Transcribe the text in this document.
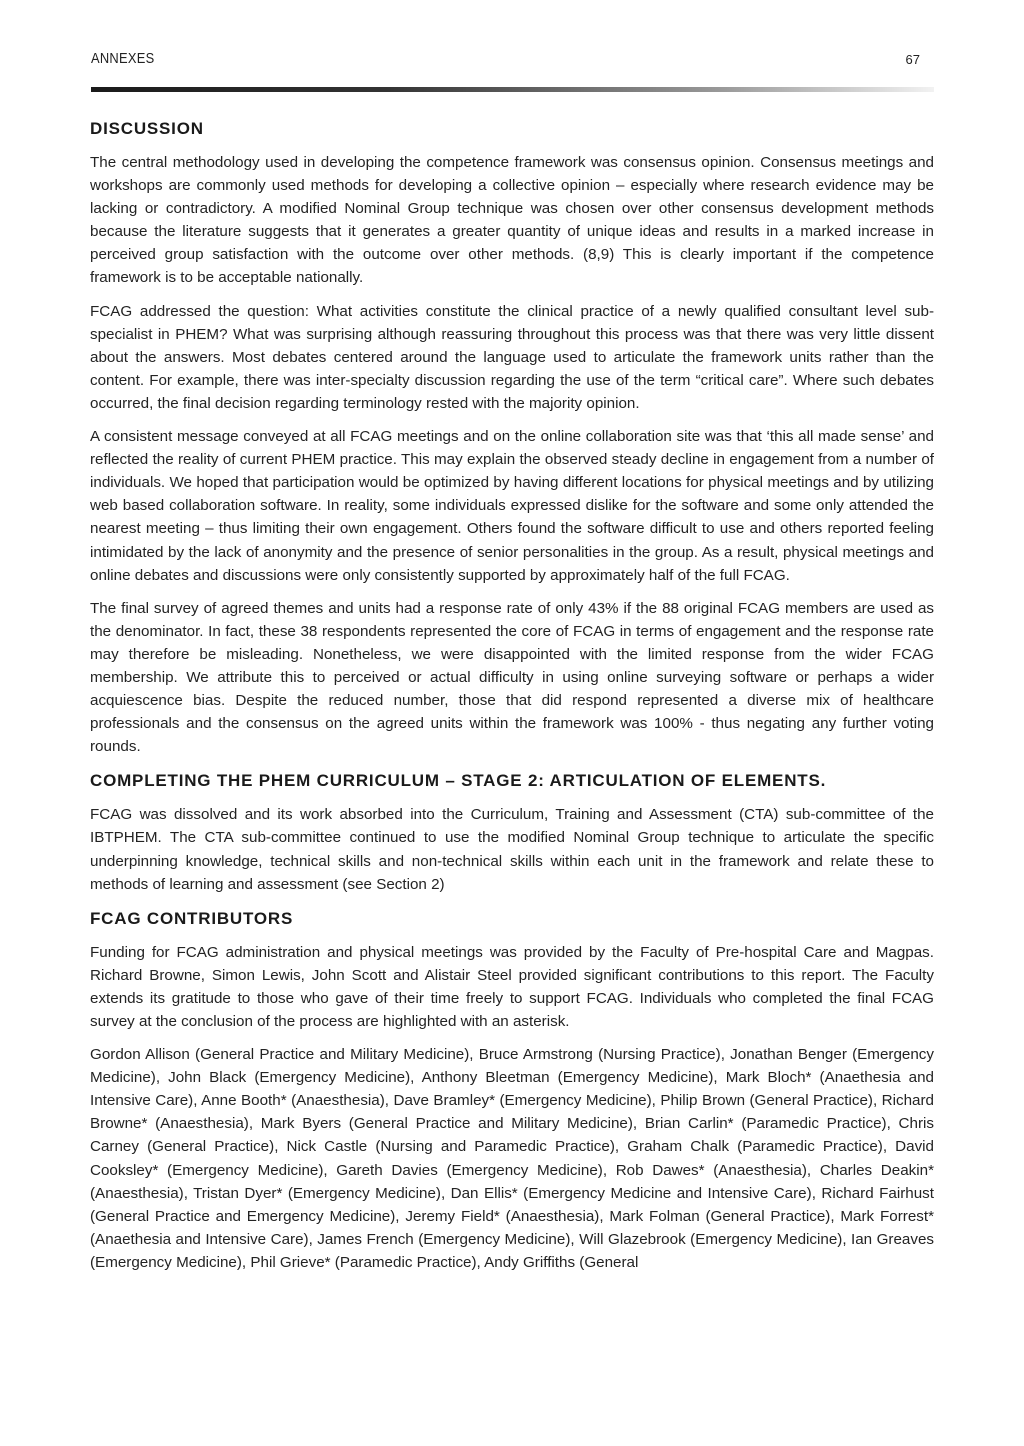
ANNEXES	67
DISCUSSION

The central methodology used in developing the competence framework was consensus opinion. Consensus meetings and workshops are commonly used methods for developing a collective opinion – especially where research evidence may be lacking or contradictory. A modified Nominal Group technique was chosen over other consensus development methods because the literature suggests that it generates a greater quantity of unique ideas and results in a marked increase in perceived group satisfaction with the outcome over other methods. (8,9) This is clearly important if the competence framework is to be acceptable nationally.

FCAG addressed the question: What activities constitute the clinical practice of a newly qualified consultant level sub-specialist in PHEM? What was surprising although reassuring throughout this process was that there was very little dissent about the answers. Most debates centered around the language used to articulate the framework units rather than the content. For example, there was inter-specialty discussion regarding the use of the term “critical care”. Where such debates occurred, the final decision regarding terminology rested with the majority opinion.

A consistent message conveyed at all FCAG meetings and on the online collaboration site was that ‘this all made sense’ and reflected the reality of current PHEM practice. This may explain the observed steady decline in engagement from a number of individuals. We hoped that participation would be optimized by having different locations for physical meetings and by utilizing web based collaboration software. In reality, some individuals expressed dislike for the software and some only attended the nearest meeting – thus limiting their own engagement. Others found the software difficult to use and others reported feeling intimidated by the lack of anonymity and the presence of senior personalities in the group. As a result, physical meetings and online debates and discussions were only consistently supported by approximately half of the full FCAG.

The final survey of agreed themes and units had a response rate of only 43% if the 88 original FCAG members are used as the denominator. In fact, these 38 respondents represented the core of FCAG in terms of engagement and the response rate may therefore be misleading. Nonetheless, we were disappointed with the limited response from the wider FCAG membership. We attribute this to perceived or actual difficulty in using online surveying software or perhaps a wider acquiescence bias. Despite the reduced number, those that did respond represented a diverse mix of healthcare professionals and the consensus on the agreed units within the framework was 100% - thus negating any further voting rounds.

COMPLETING THE PHEM CURRICULUM – STAGE 2: ARTICULATION OF ELEMENTS.

FCAG was dissolved and its work absorbed into the Curriculum, Training and Assessment (CTA) sub-committee of the IBTPHEM. The CTA sub-committee continued to use the modified Nominal Group technique to articulate the specific underpinning knowledge, technical skills and non-technical skills within each unit in the framework and relate these to methods of learning and assessment (see Section 2)

FCAG CONTRIBUTORS

Funding for FCAG administration and physical meetings was provided by the Faculty of Pre-hospital Care and Magpas. Richard Browne, Simon Lewis, John Scott and Alistair Steel provided significant contributions to this report. The Faculty extends its gratitude to those who gave of their time freely to support FCAG. Individuals who completed the final FCAG survey at the conclusion of the process are highlighted with an asterisk.

Gordon Allison (General Practice and Military Medicine), Bruce Armstrong (Nursing Practice), Jonathan Benger (Emergency Medicine), John Black (Emergency Medicine), Anthony Bleetman (Emergency Medicine), Mark Bloch* (Anaethesia and Intensive Care), Anne Booth* (Anaesthesia), Dave Bramley* (Emergency Medicine), Philip Brown (General Practice), Richard Browne* (Anaesthesia), Mark Byers (General Practice and Military Medicine), Brian Carlin* (Paramedic Practice), Chris Carney (General Practice), Nick Castle (Nursing and Paramedic Practice), Graham Chalk (Paramedic Practice), David Cooksley* (Emergency Medicine), Gareth Davies (Emergency Medicine), Rob Dawes* (Anaesthesia), Charles Deakin* (Anaesthesia), Tristan Dyer* (Emergency Medicine), Dan Ellis* (Emergency Medicine and Intensive Care), Richard Fairhust (General Practice and Emergency Medicine), Jeremy Field* (Anaesthesia), Mark Folman (General Practice), Mark Forrest* (Anaethesia and Intensive Care), James French (Emergency Medicine), Will Glazebrook (Emergency Medicine), Ian Greaves (Emergency Medicine), Phil Grieve* (Paramedic Practice), Andy Griffiths (General
